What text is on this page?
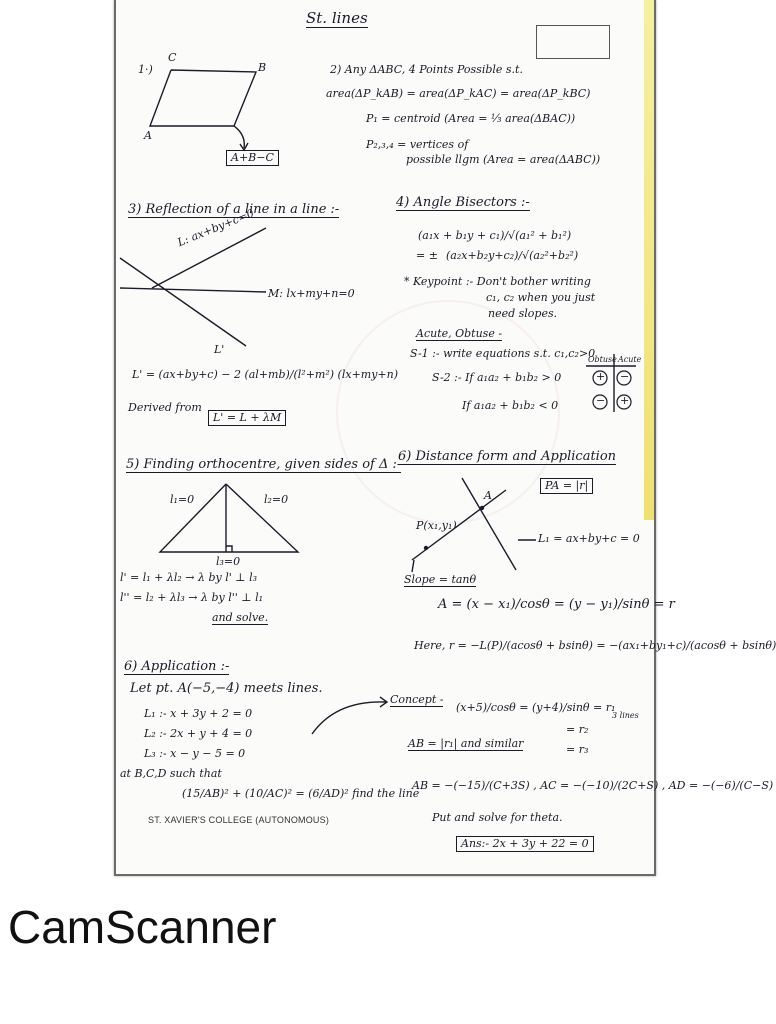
St. lines
1·)
C
B
A
A+B−C
2) Any ΔABC, 4 Points Possible s.t.
area(ΔP_kAB) = area(ΔP_kAC) = area(ΔP_kBC)
P₁ = centroid (Area = ⅓ area(ΔBAC))
P₂,₃,₄ = vertices of
possible llgm (Area = area(ΔABC))
3) Reflection of a line in a line :-
L: ax+by+c=0
M: lx+my+n=0
L'
L' = (ax+by+c) − 2 (al+mb)/(l²+m²) (lx+my+n)
Derived from
L' = L + λM
4) Angle Bisectors :-
(a₁x + b₁y + c₁)/√(a₁² + b₁²)
= ± (a₂x+b₂y+c₂)/√(a₂²+b₂²)
* Keypoint :- Don't bother writing
c₁, c₂ when you just
need slopes.
Acute, Obtuse -
S-1 :- write equations s.t. c₁,c₂>0
S-2 :- If a₁a₂ + b₁b₂ > 0
If a₁a₂ + b₁b₂ < 0
Obtuse Acute
+ −
− +
5) Finding orthocentre, given sides of Δ :-
l₁=0	l₂=0
l₃=0
l' = l₁ + λl₂ → λ by l' ⊥ l₃
l'' = l₂ + λl₃ → λ by l'' ⊥ l₁
and solve.
6) Distance form and Application
PA = |r|
P(x₁,y₁)
A
L₁ = ax+by+c = 0
Slope = tanθ
A = (x − x₁)/cosθ = (y − y₁)/sinθ = r
Here, r = −L(P)/(acosθ + bsinθ) = −(ax₁+by₁+c)/(acosθ + bsinθ)
6) Application :-
Let pt. A(−5,−4) meets lines.
L₁ :- x + 3y + 2 = 0
L₂ :- 2x + y + 4 = 0
L₃ :- x − y − 5 = 0
at B,C,D such that
(15/AB)² + (10/AC)² = (6/AD)² find the line
Concept -
(x+5)/cosθ = (y+4)/sinθ = r₁
= r₂
= r₃
3 lines
AB = |r₁| and similar
AB = −(−15)/(C+3S) , AC = −(−10)/(2C+S) , AD = −(−6)/(C−S)
Put and solve for theta.
Ans:- 2x + 3y + 22 = 0
ST. XAVIER'S COLLEGE (AUTONOMOUS)
CamScanner
